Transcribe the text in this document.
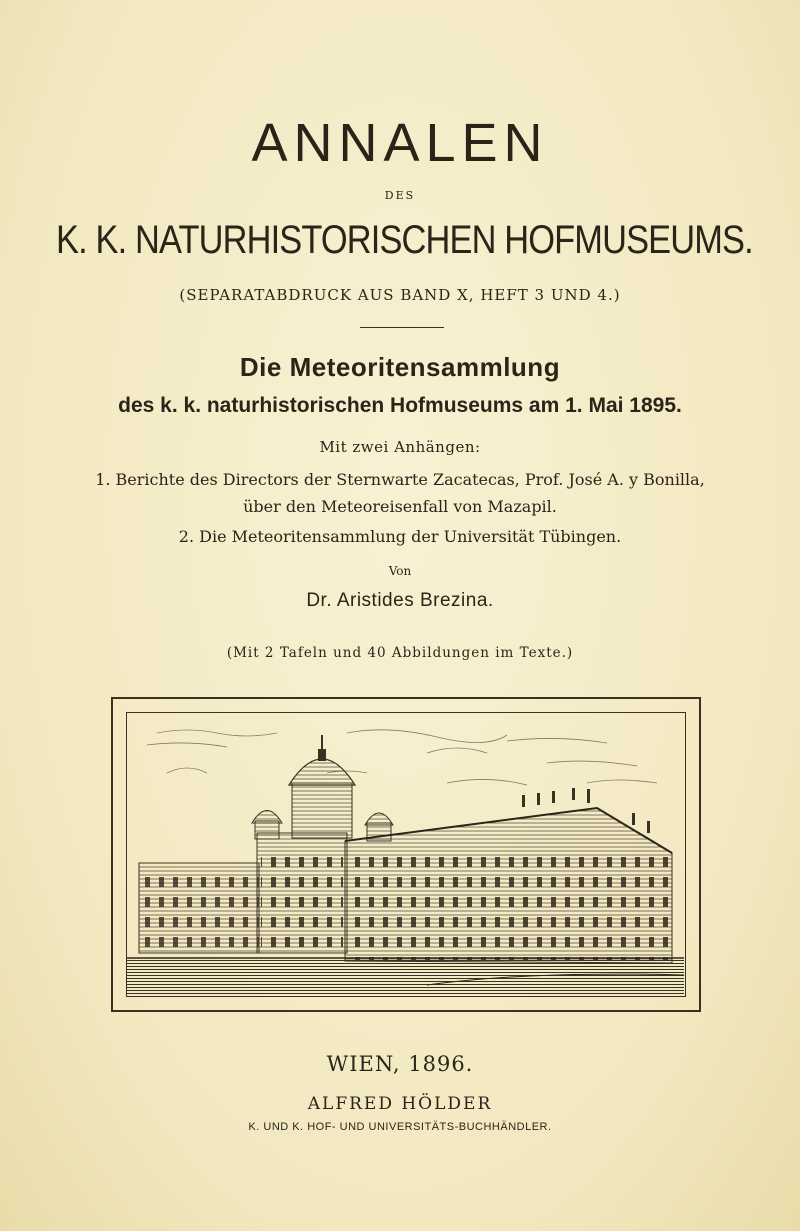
ANNALEN
DES
K. K. NATURHISTORISCHEN HOFMUSEUMS.
(SEPARATABDRUCK AUS BAND X, HEFT 3 UND 4.)
Die Meteoritensammlung
des k. k. naturhistorischen Hofmuseums am 1. Mai 1895.
Mit zwei Anhängen:
1. Berichte des Directors der Sternwarte Zacatecas, Prof. José A. y Bonilla,
über den Meteoreisenfall von Mazapil.
2. Die Meteoritensammlung der Universität Tübingen.
Von
Dr. Aristides Brezina.
(Mit 2 Tafeln und 40 Abbildungen im Texte.)
WIEN, 1896.
ALFRED HÖLDER
K. UND K. HOF- UND UNIVERSITÄTS-BUCHHÄNDLER.
